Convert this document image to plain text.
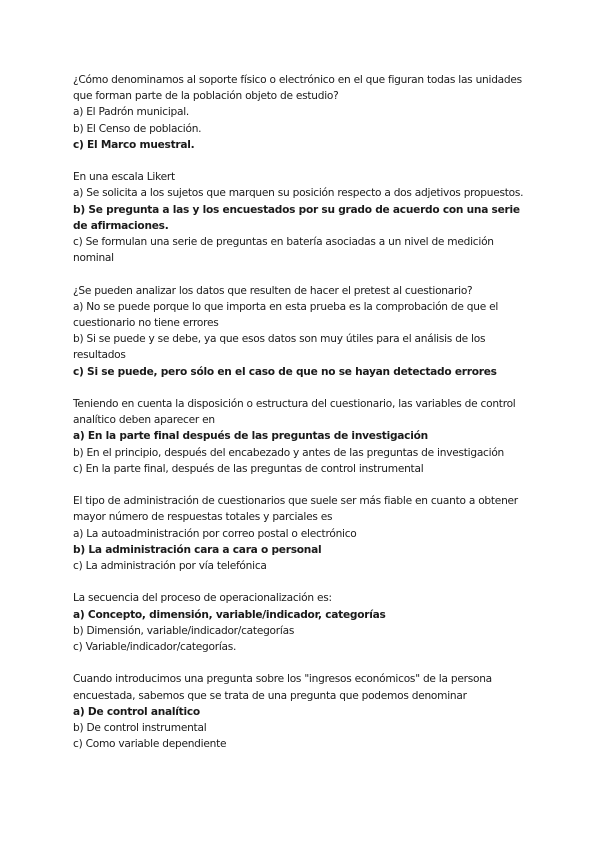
¿Cómo denominamos al soporte físico o electrónico en el que figuran todas las unidades que forman parte de la población objeto de estudio?
a) El Padrón municipal.
b) El Censo de población.
c) El Marco muestral.
En una escala Likert
a) Se solicita a los sujetos que marquen su posición respecto a dos adjetivos propuestos.
b) Se pregunta a las y los encuestados por su grado de acuerdo con una serie de afirmaciones.
c) Se formulan una serie de preguntas en batería asociadas a un nivel de medición nominal
¿Se pueden analizar los datos que resulten de hacer el pretest al cuestionario?
a) No se puede porque lo que importa en esta prueba es la comprobación de que el cuestionario no tiene errores
b) Si se puede y se debe, ya que esos datos son muy útiles para el análisis de los resultados
c) Si se puede, pero sólo en el caso de que no se hayan detectado errores
Teniendo en cuenta la disposición o estructura del cuestionario, las variables de control analítico deben aparecer en
a) En la parte final después de las preguntas de investigación
b) En el principio, después del encabezado y antes de las preguntas de investigación
c) En la parte final, después de las preguntas de control instrumental
El tipo de administración de cuestionarios que suele ser más fiable en cuanto a obtener mayor número de respuestas totales y parciales es
a) La autoadministración por correo postal o electrónico
b) La administración cara a cara o personal
c) La administración por vía telefónica
La secuencia del proceso de operacionalización es:
a) Concepto, dimensión, variable/indicador, categorías
b) Dimensión, variable/indicador/categorías
c) Variable/indicador/categorías.
Cuando introducimos una pregunta sobre los "ingresos económicos" de la persona encuestada, sabemos que se trata de una pregunta que podemos denominar
a) De control analítico
b) De control instrumental
c) Como variable dependiente
